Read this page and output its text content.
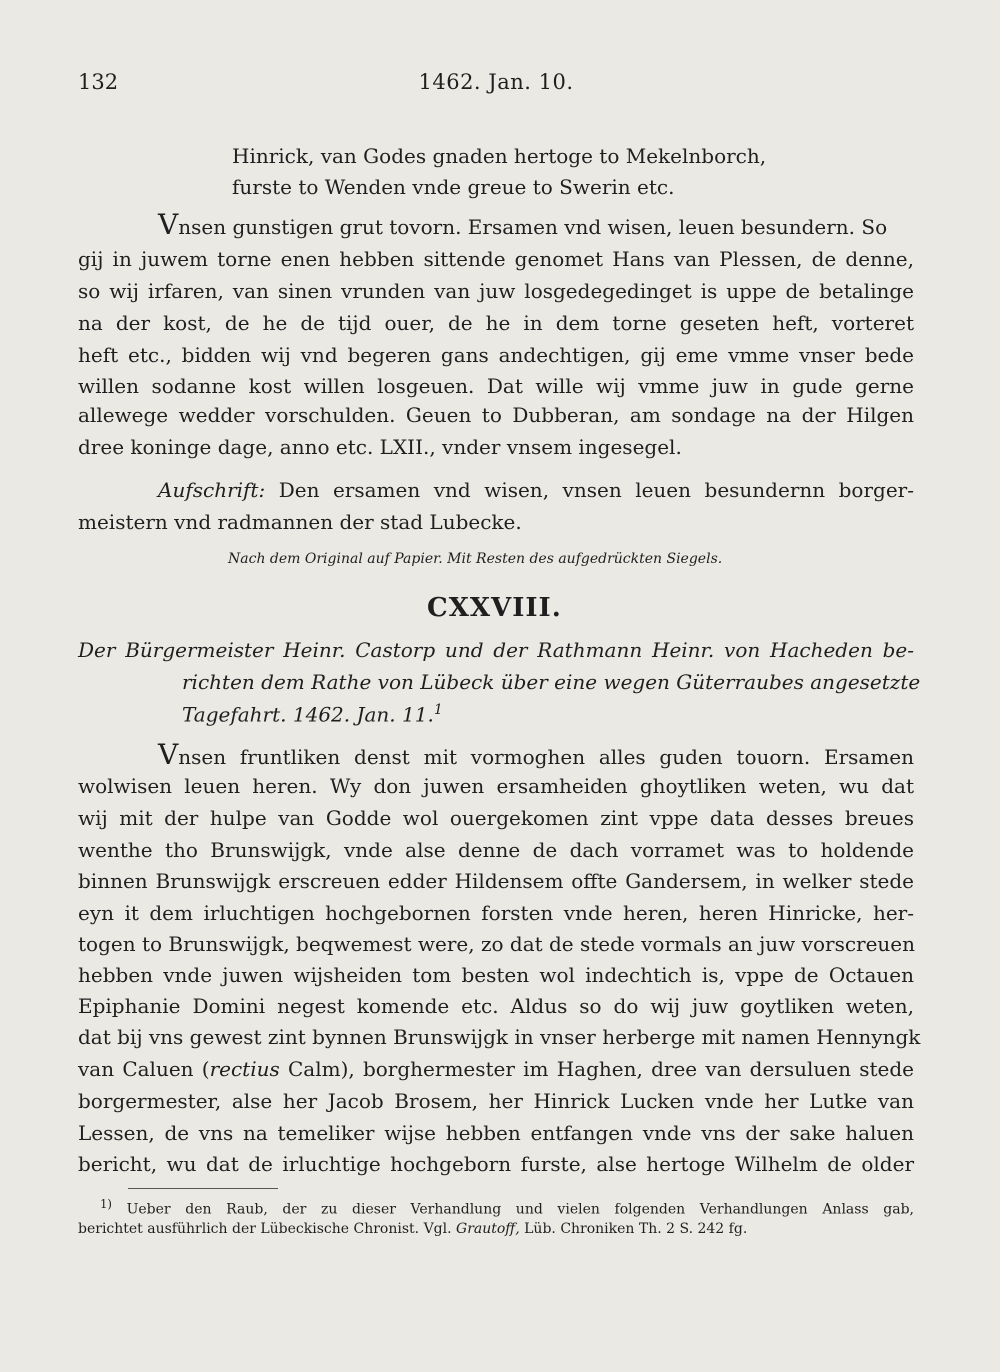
132	1462. Jan. 10.
Hinrick, van Godes gnaden hertoge to Mekelnborch,
furste to Wenden vnde greue to Swerin etc.
Vnsen gunstigen grut tovorn. Ersamen vnd wisen, leuen besundern. So
gij in juwem torne enen hebben sittende genomet Hans van Plessen, de denne,
so wij irfaren, van sinen vrunden van juw losgedegedinget is uppe de betalinge
na der kost, de he de tijd ouer, de he in dem torne geseten heft, vorteret
heft etc., bidden wij vnd begeren gans andechtigen, gij eme vmme vnser bede
willen sodanne kost willen losgeuen. Dat wille wij vmme juw in gude gerne
allewege wedder vorschulden. Geuen to Dubberan, am sondage na der Hilgen
dree koninge dage, anno etc. LXII., vnder vnsem ingesegel.
Aufschrift: Den ersamen vnd wisen, vnsen leuen besundernn borger-
meistern vnd radmannen der stad Lubecke.
Nach dem Original auf Papier. Mit Resten des aufgedrückten Siegels.
CXXVIII.
Der Bürgermeister Heinr. Castorp und der Rathmann Heinr. von Hacheden be-
richten dem Rathe von Lübeck über eine wegen Güterraubes angesetzte
Tagefahrt. 1462. Jan. 11.$^1$
Vnsen fruntliken denst mit vormoghen alles guden touorn. Ersamen
wolwisen leuen heren. Wy don juwen ersamheiden ghoytliken weten, wu dat
wij mit der hulpe van Godde wol ouergekomen zint vppe data desses breues
wenthe tho Brunswijgk, vnde alse denne de dach vorramet was to holdende
binnen Brunswijgk erscreuen edder Hildensem offte Gandersem, in welker stede
eyn it dem irluchtigen hochgebornen forsten vnde heren, heren Hinricke, her-
togen to Brunswijgk, beqwemest were, zo dat de stede vormals an juw vorscreuen
hebben vnde juwen wijsheiden tom besten wol indechtich is, vppe de Octauen
Epiphanie Domini negest komende etc. Aldus so do wij juw goytliken weten,
dat bij vns gewest zint bynnen Brunswijgk in vnser herberge mit namen Hennyngk
van Caluen (rectius Calm), borghermester im Haghen, dree van dersuluen stede
borgermester, alse her Jacob Brosem, her Hinrick Lucken vnde her Lutke van
Lessen, de vns na temeliker wijse hebben entfangen vnde vns der sake haluen
bericht, wu dat de irluchtige hochgeborn furste, alse hertoge Wilhelm de older
$^{1)}$ Ueber den Raub, der zu dieser Verhandlung und vielen folgenden Verhandlungen Anlass gab,
berichtet ausführlich der Lübeckische Chronist. Vgl. Grautoff, Lüb. Chroniken Th. 2 S. 242 fg.
